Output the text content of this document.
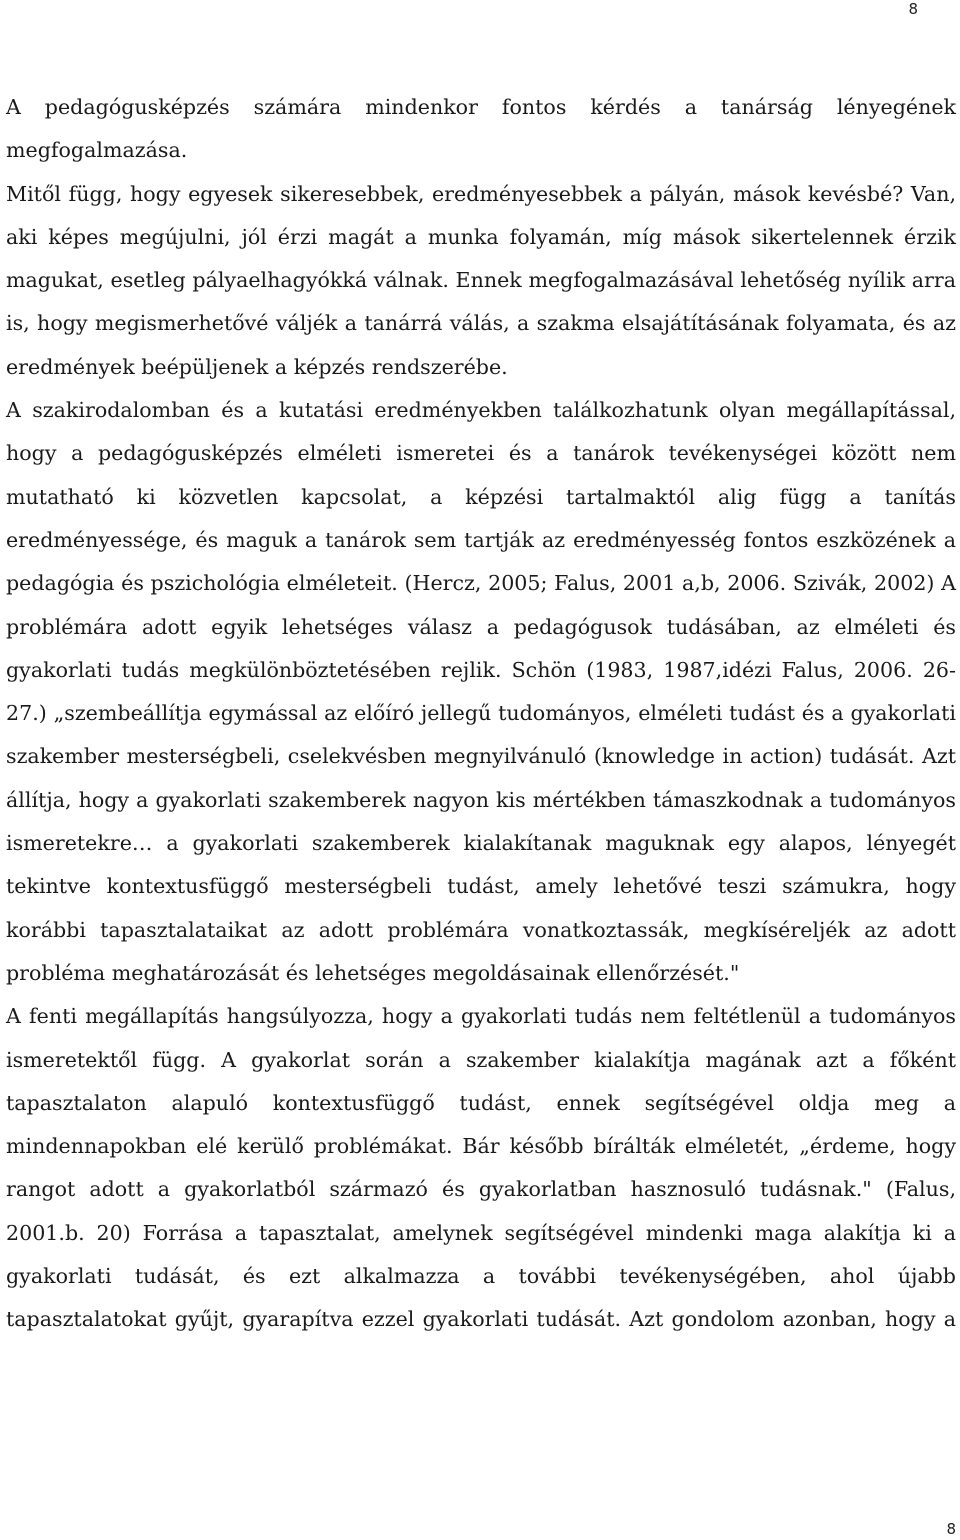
8

A pedagógusképzés számára mindenkor fontos kérdés a tanárság lényegének megfogalmazása.

Mitől függ, hogy egyesek sikeresebbek, eredményesebbek a pályán, mások kevésbé? Van, aki képes megújulni, jól érzi magát a munka folyamán, míg mások sikertelennek érzik magukat, esetleg pályaelhagyókká válnak. Ennek megfogalmazásával lehetőség nyílik arra is, hogy megismerhetővé váljék a tanárrá válás, a szakma elsajátításának folyamata, és az eredmények beépüljenek a képzés rendszerébe.

A szakirodalomban és a kutatási eredményekben találkozhatunk olyan megállapítással, hogy a pedagógusképzés elméleti ismeretei és a tanárok tevékenységei között nem mutatható ki közvetlen kapcsolat, a képzési tartalmaktól alig függ a tanítás eredményessége, és maguk a tanárok sem tartják az eredményesség fontos eszközének a pedagógia és pszichológia elméleteit. (Hercz, 2005; Falus, 2001 a,b, 2006. Szivák, 2002) A problémára adott egyik lehetséges válasz a pedagógusok tudásában, az elméleti és gyakorlati tudás megkülönböztetésében rejlik. Schön (1983, 1987,idézi Falus, 2006. 26-27.) „szembeállítja egymással az előíró jellegű tudományos, elméleti tudást és a gyakorlati szakember mesterségbeli, cselekvésben megnyilvánuló (knowledge in action) tudását. Azt állítja, hogy a gyakorlati szakemberek nagyon kis mértékben támaszkodnak a tudományos ismeretekre… a gyakorlati szakemberek kialakítanak maguknak egy alapos, lényegét tekintve kontextusfüggő mesterségbeli tudást, amely lehetővé teszi számukra, hogy korábbi tapasztalataikat az adott problémára vonatkoztassák, megkíséreljék az adott probléma meghatározását és lehetséges megoldásainak ellenőrzését."

A fenti megállapítás hangsúlyozza, hogy a gyakorlati tudás nem feltétlenül a tudományos ismeretektől függ. A gyakorlat során a szakember kialakítja magának azt a főként tapasztalaton alapuló kontextusfüggő tudást, ennek segítségével oldja meg a mindennapokban elé kerülő problémákat. Bár később bírálták elméletét, „érdeme, hogy rangot adott a gyakorlatból származó és gyakorlatban hasznosuló tudásnak." (Falus, 2001.b. 20) Forrása a tapasztalat, amelynek segítségével mindenki maga alakítja ki a gyakorlati tudását, és ezt alkalmazza a további tevékenységében, ahol újabb tapasztalatokat gyűjt, gyarapítva ezzel gyakorlati tudását. Azt gondolom azonban, hogy a

8
